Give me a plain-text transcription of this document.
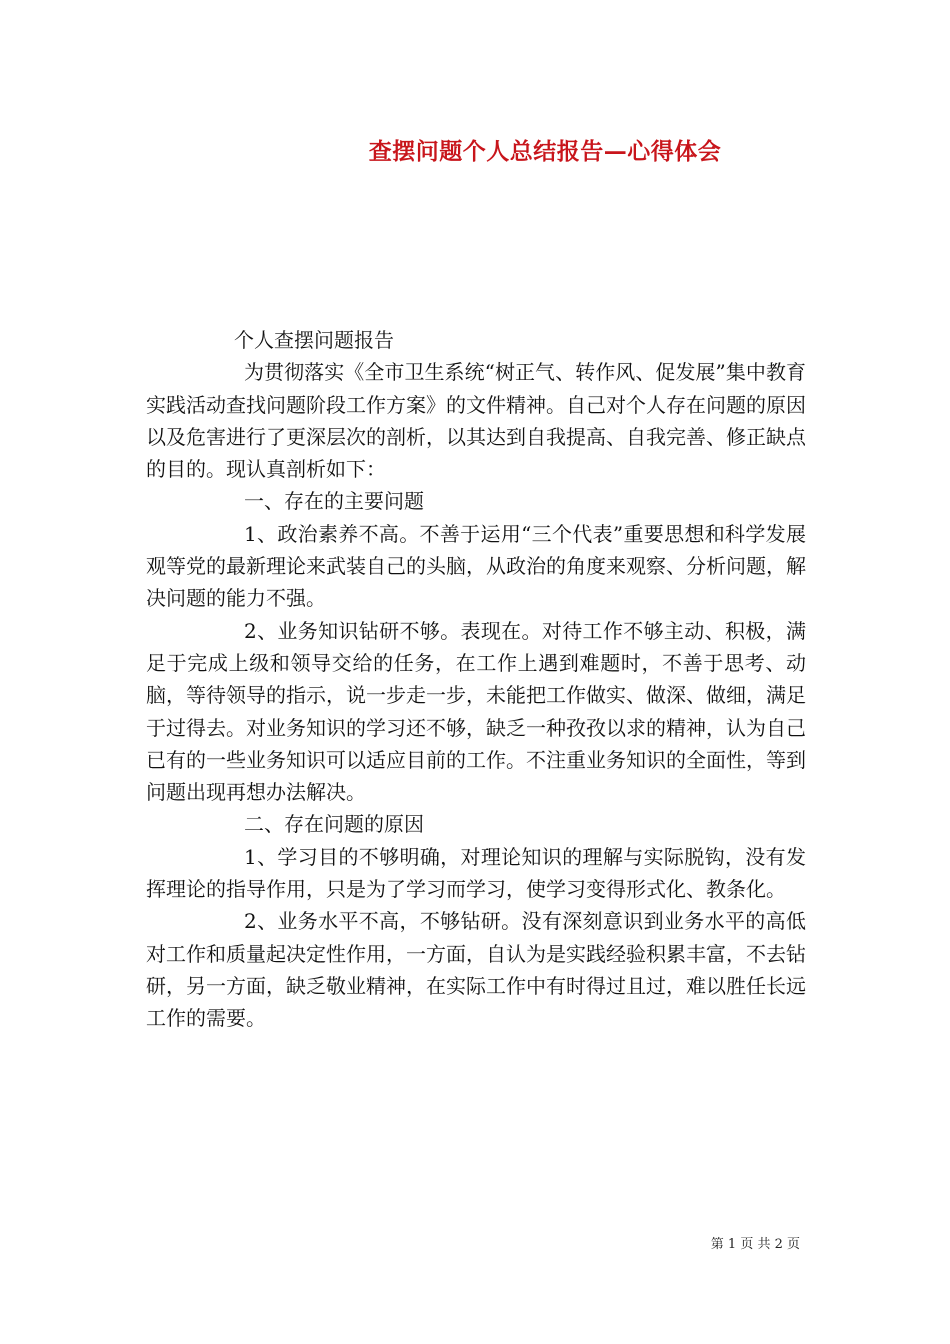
查摆问题个人总结报告—心得体会

个人查摆问题报告

为贯彻落实《全市卫生系统“树正气、转作风、促发展”集中教育实践活动查找问题阶段工作方案》的文件精神。自己对个人存在问题的原因以及危害进行了更深层次的剖析，以其达到自我提高、自我完善、修正缺点的目的。现认真剖析如下：

一、存在的主要问题

1、政治素养不高。不善于运用“三个代表”重要思想和科学发展观等党的最新理论来武装自己的头脑，从政治的角度来观察、分析问题，解决问题的能力不强。

2、业务知识钻研不够。表现在。对待工作不够主动、积极，满足于完成上级和领导交给的任务，在工作上遇到难题时，不善于思考、动脑，等待领导的指示，说一步走一步，未能把工作做实、做深、做细，满足于过得去。对业务知识的学习还不够，缺乏一种孜孜以求的精神，认为自己已有的一些业务知识可以适应目前的工作。不注重业务知识的全面性，等到问题出现再想办法解决。

二、存在问题的原因

1、学习目的不够明确，对理论知识的理解与实际脱钩，没有发挥理论的指导作用，只是为了学习而学习，使学习变得形式化、教条化。

2、业务水平不高，不够钻研。没有深刻意识到业务水平的高低对工作和质量起决定性作用，一方面，自认为是实践经验积累丰富，不去钻研，另一方面，缺乏敬业精神，在实际工作中有时得过且过，难以胜任长远工作的需要。

第 1 页 共 2 页
